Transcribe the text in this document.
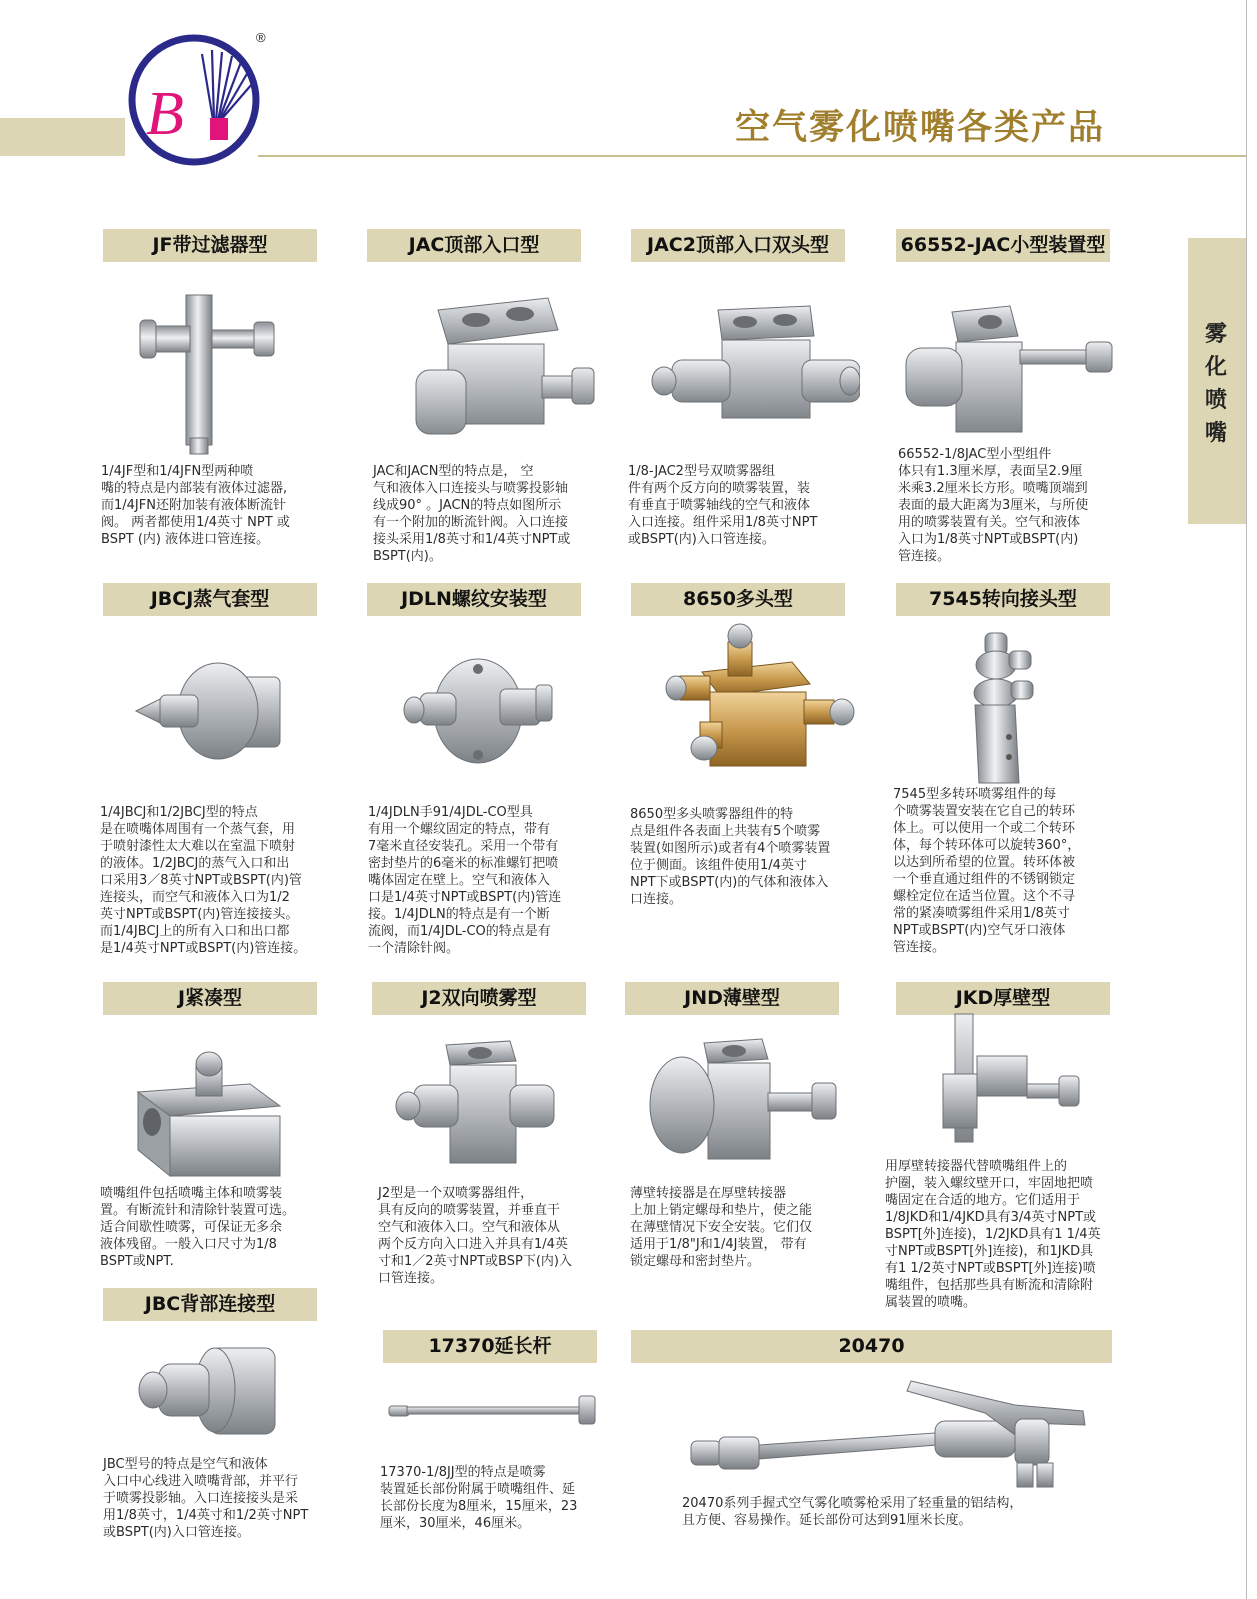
B
®
空气雾化喷嘴各类产品
雾
化
喷
嘴
JF带过滤器型	JAC顶部入口型	JAC2顶部入口双头型	66552-JAC小型装置型
1/4JF型和1/4JFN型两种喷
嘴的特点是内部装有液体过滤器,
而1/4JFN还附加装有液体断流针
阀。 两者都使用1/4英寸 NPT 或
BSPT (内) 液体进口管连接。
JAC和JACN型的特点是， 空
气和液体入口连接头与喷雾投影轴
线成90° 。JACN的特点如图所示
有一个附加的断流针阀。入口连接
接头采用1/8英寸和1/4英寸NPT或
BSPT(内)。
1/8-JAC2型号双喷雾器组
件有两个反方向的喷雾装置，装
有垂直于喷雾轴线的空气和液体
入口连接。组件采用1/8英寸NPT
或BSPT(内)入口管连接。
66552-1/8JAC型小型组件
体只有1.3厘米厚，表面呈2.9厘
米乘3.2厘米长方形。喷嘴顶端到
表面的最大距离为3厘米，与所使
用的喷雾装置有关。空气和液体
入口为1/8英寸NPT或BSPT(内)
管连接。
JBCJ蒸气套型	JDLN螺纹安装型	8650多头型	7545转向接头型
1/4JBCJ和1/2JBCJ型的特点
是在喷嘴体周围有一个蒸气套，用
于喷射漆性太大难以在室温下喷射
的液体。1/2JBCJ的蒸气入口和出
口采用3／8英寸NPT或BSPT(内)管
连接头，而空气和液体入口为1/2
英寸NPT或BSPT(内)管连接接头。
而1/4JBCJ上的所有入口和出口都
是1/4英寸NPT或BSPT(内)管连接。
1/4JDLN手91/4JDL-CO型具
有用一个螺纹固定的特点，带有
7毫米直径安装孔。采用一个带有
密封垫片的6毫米的标准螺钉把喷
嘴体固定在壁上。空气和液体入
口是1/4英寸NPT或BSPT(内)管连
接。1/4JDLN的特点是有一个断
流阀，而1/4JDL-CO的特点是有
一个清除针阀。
8650型多头喷雾器组件的特
点是组件各表面上共装有5个喷雾
装置(如图所示)或者有4个喷雾装置
位于侧面。该组件使用1/4英寸
NPT下或BSPT(内)的气体和液体入
口连接。
7545型多转环喷雾组件的每
个喷雾装置安装在它自己的转环
体上。可以使用一个或二个转环
体，每个转环体可以旋转360°，
以达到所希望的位置。转环体被
一个垂直通过组件的不锈钢锁定
螺栓定位在适当位置。这个不寻
常的紧凑喷雾组件采用1/8英寸
NPT或BSPT(内)空气牙口液体
管连接。
J紧凑型	J2双向喷雾型	JND薄壁型	JKD厚壁型
喷嘴组件包括喷嘴主体和喷雾装
置。有断流针和清除针装置可选。
适合间歇性喷雾，可保证无多余
液体残留。一般入口尺寸为1/8
BSPT或NPT.
J2型是一个双喷雾器组件，
具有反向的喷雾装置，并垂直干
空气和液体入口。空气和液体从
两个反方向入口进入并具有1/4英
寸和1／2英寸NPT或BSP下(内)入
口管连接。
薄壁转接器是在厚壁转接器
上加上销定螺母和垫片，使之能
在薄壁情况下安全安装。它们仅
适用于1/8"J和1/4J装置， 带有
锁定螺母和密封垫片。
用厚壁转接器代替喷嘴组件上的
护圈，装入螺纹壁开口，牢固地把喷
嘴固定在合适的地方。它们适用于
1/8JKD和1/4JKD具有3/4英寸NPT或
BSPT[外]连接)，1/2JKD具有1 1/4英
寸NPT或BSPT[外]连接)，和1JKD具
有1 1/2英寸NPT或BSPT[外]连接)喷
嘴组件，包括那些具有断流和清除附
属装置的喷嘴。
JBC背部连接型
17370延长杆	20470
JBC型号的特点是空气和液体
入口中心线进入喷嘴背部，并平行
于喷雾投影轴。入口连接接头是采
用1/8英寸，1/4英寸和1/2英寸NPT
或BSPT(内)入口管连接。
17370-1/8JJ型的特点是喷雾
装置延长部份附属于喷嘴组件、延
长部份长度为8厘米，15厘米，23
厘米，30厘米，46厘米。
20470系列手握式空气雾化喷雾枪采用了轻重量的铝结构，
且方便、容易操作。延长部份可达到91厘米长度。
